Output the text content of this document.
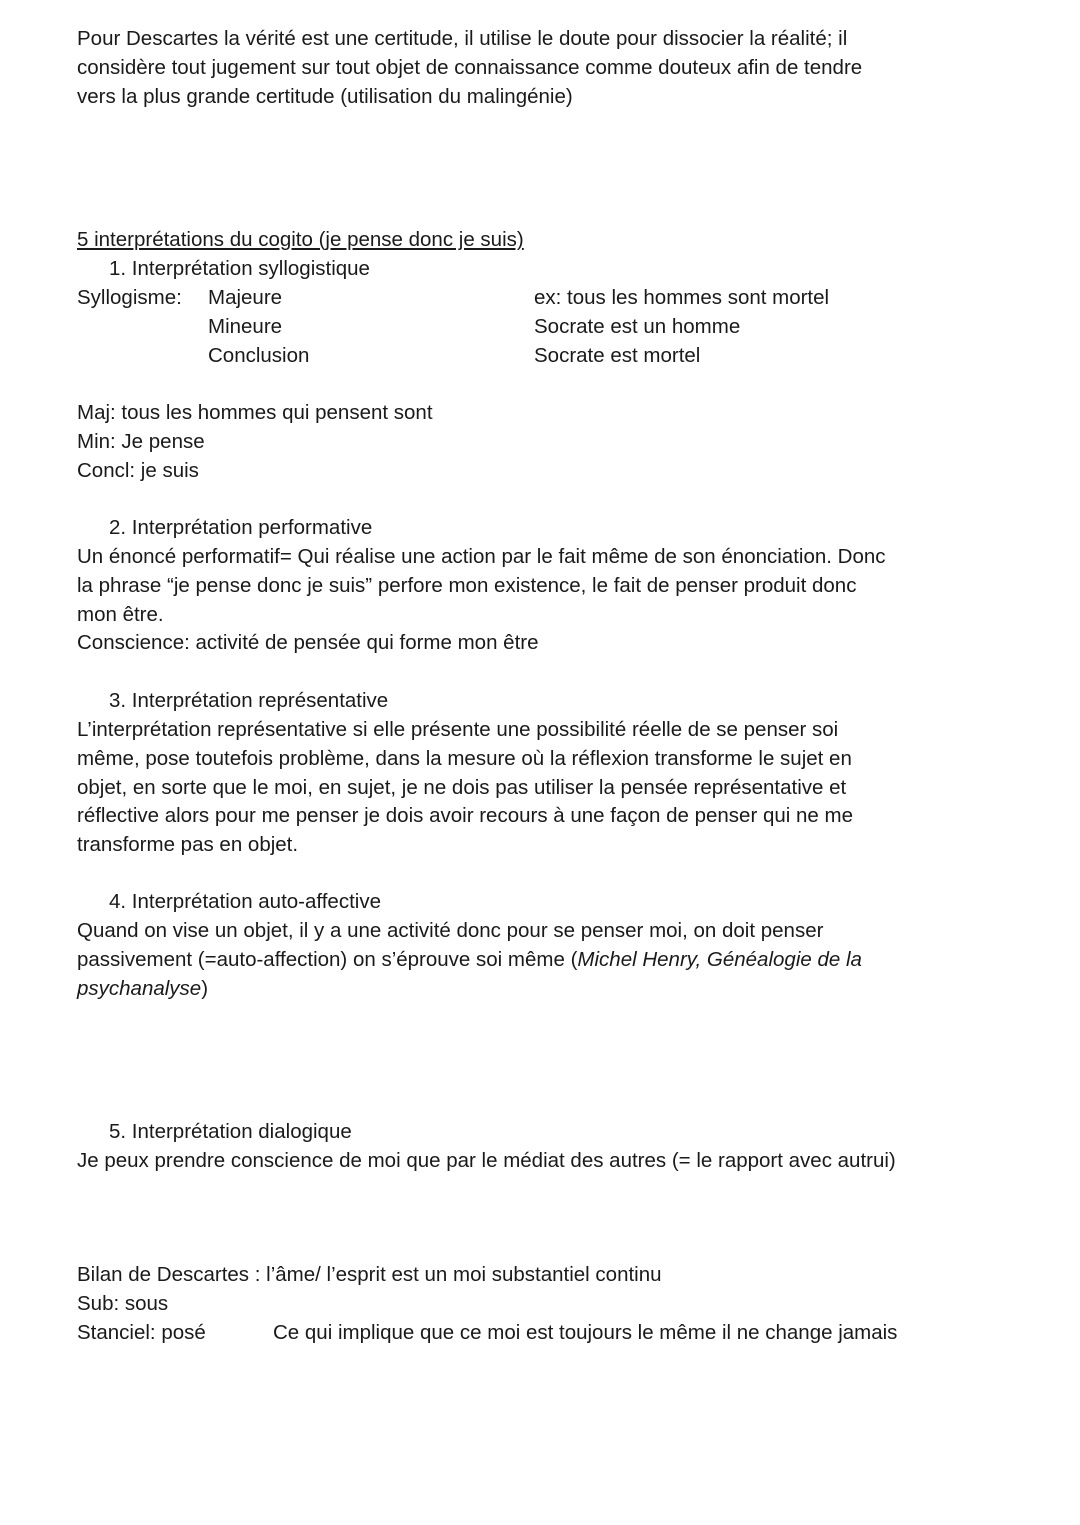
Pour Descartes la vérité est une certitude, il utilise le doute pour dissocier la réalité; il
considère tout jugement sur tout objet de connaissance comme douteux afin de tendre
vers la plus grande certitude (utilisation du malingénie)
5 interprétations du cogito (je pense donc je suis)
1. Interprétation syllogistique
Syllogisme: Majeure
Mineure
Conclusion
ex: tous les hommes sont mortel
Socrate est un homme
Socrate est mortel
Maj: tous les hommes qui pensent sont
Min: Je pense
Concl: je suis
2. Interprétation performative
Un énoncé performatif= Qui réalise une action par le fait même de son énonciation. Donc
la phrase “je pense donc je suis” perfore mon existence, le fait de penser produit donc
mon être.
Conscience: activité de pensée qui forme mon être
3. Interprétation représentative
L’interprétation représentative si elle présente une possibilité réelle de se penser soi
même, pose toutefois problème, dans la mesure où la réflexion transforme le sujet en
objet, en sorte que le moi, en sujet, je ne dois pas utiliser la pensée représentative et
réflective alors pour me penser je dois avoir recours à une façon de penser qui ne me
transforme pas en objet.
4. Interprétation auto-affective
Quand on vise un objet, il y a une activité donc pour se penser moi, on doit penser
passivement (=auto-affection) on s’éprouve soi même (Michel Henry, Généalogie de la
psychanalyse)
5. Interprétation dialogique
Je peux prendre conscience de moi que par le médiat des autres (= le rapport avec autrui)
Bilan de Descartes : l’âme/ l’esprit est un moi substantiel continu
Sub: sous
Stanciel: posé	Ce qui implique que ce moi est toujours le même il ne change jamais
